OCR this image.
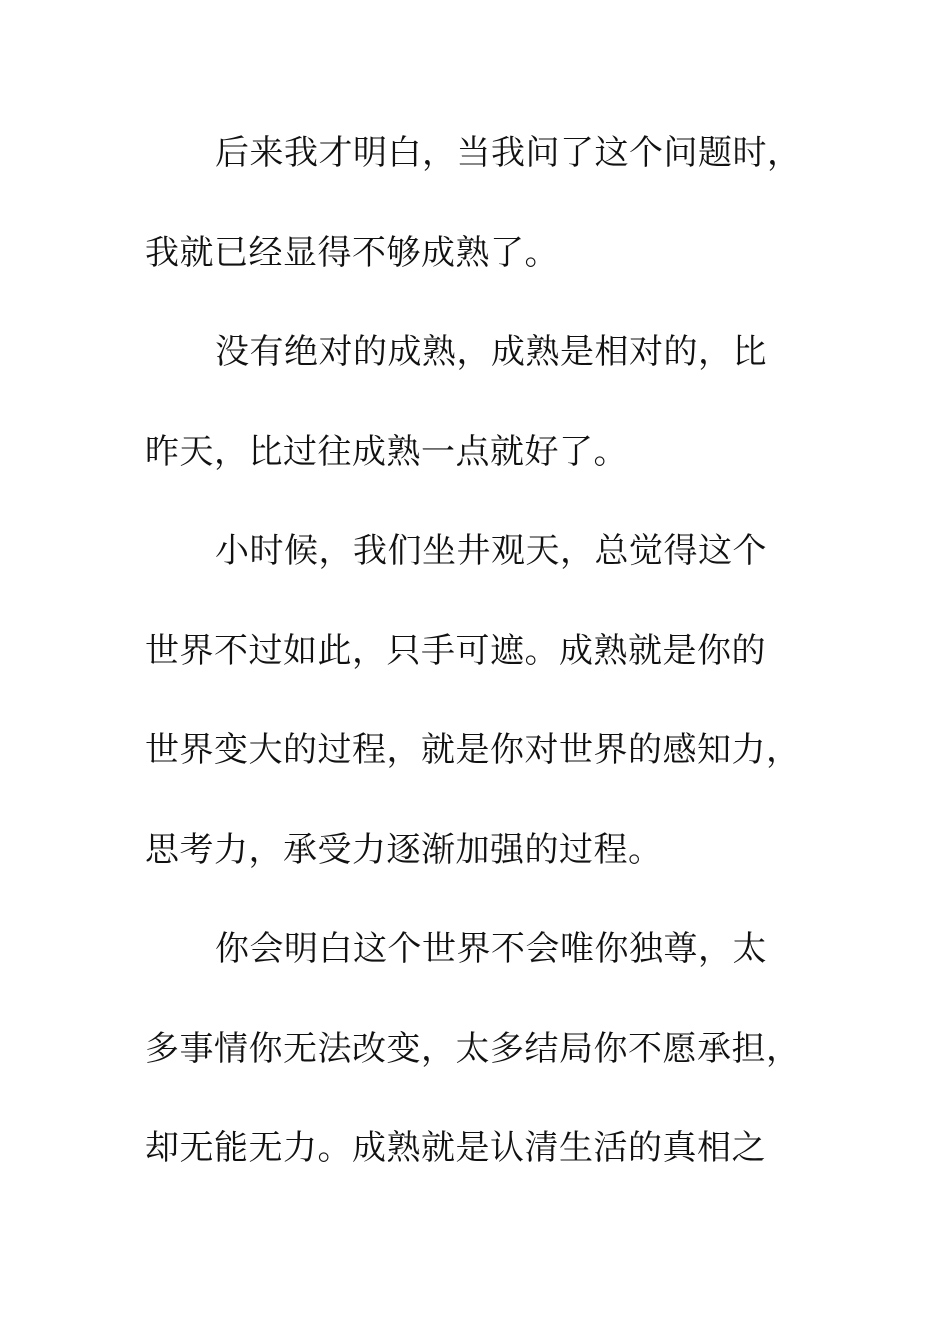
后来我才明白，当我问了这个问题时，
我就已经显得不够成熟了。
没有绝对的成熟，成熟是相对的，比
昨天，比过往成熟一点就好了。
小时候，我们坐井观天，总觉得这个
世界不过如此，只手可遮。成熟就是你的
世界变大的过程，就是你对世界的感知力，
思考力，承受力逐渐加强的过程。
你会明白这个世界不会唯你独尊，太
多事情你无法改变，太多结局你不愿承担，
却无能无力。成熟就是认清生活的真相之
